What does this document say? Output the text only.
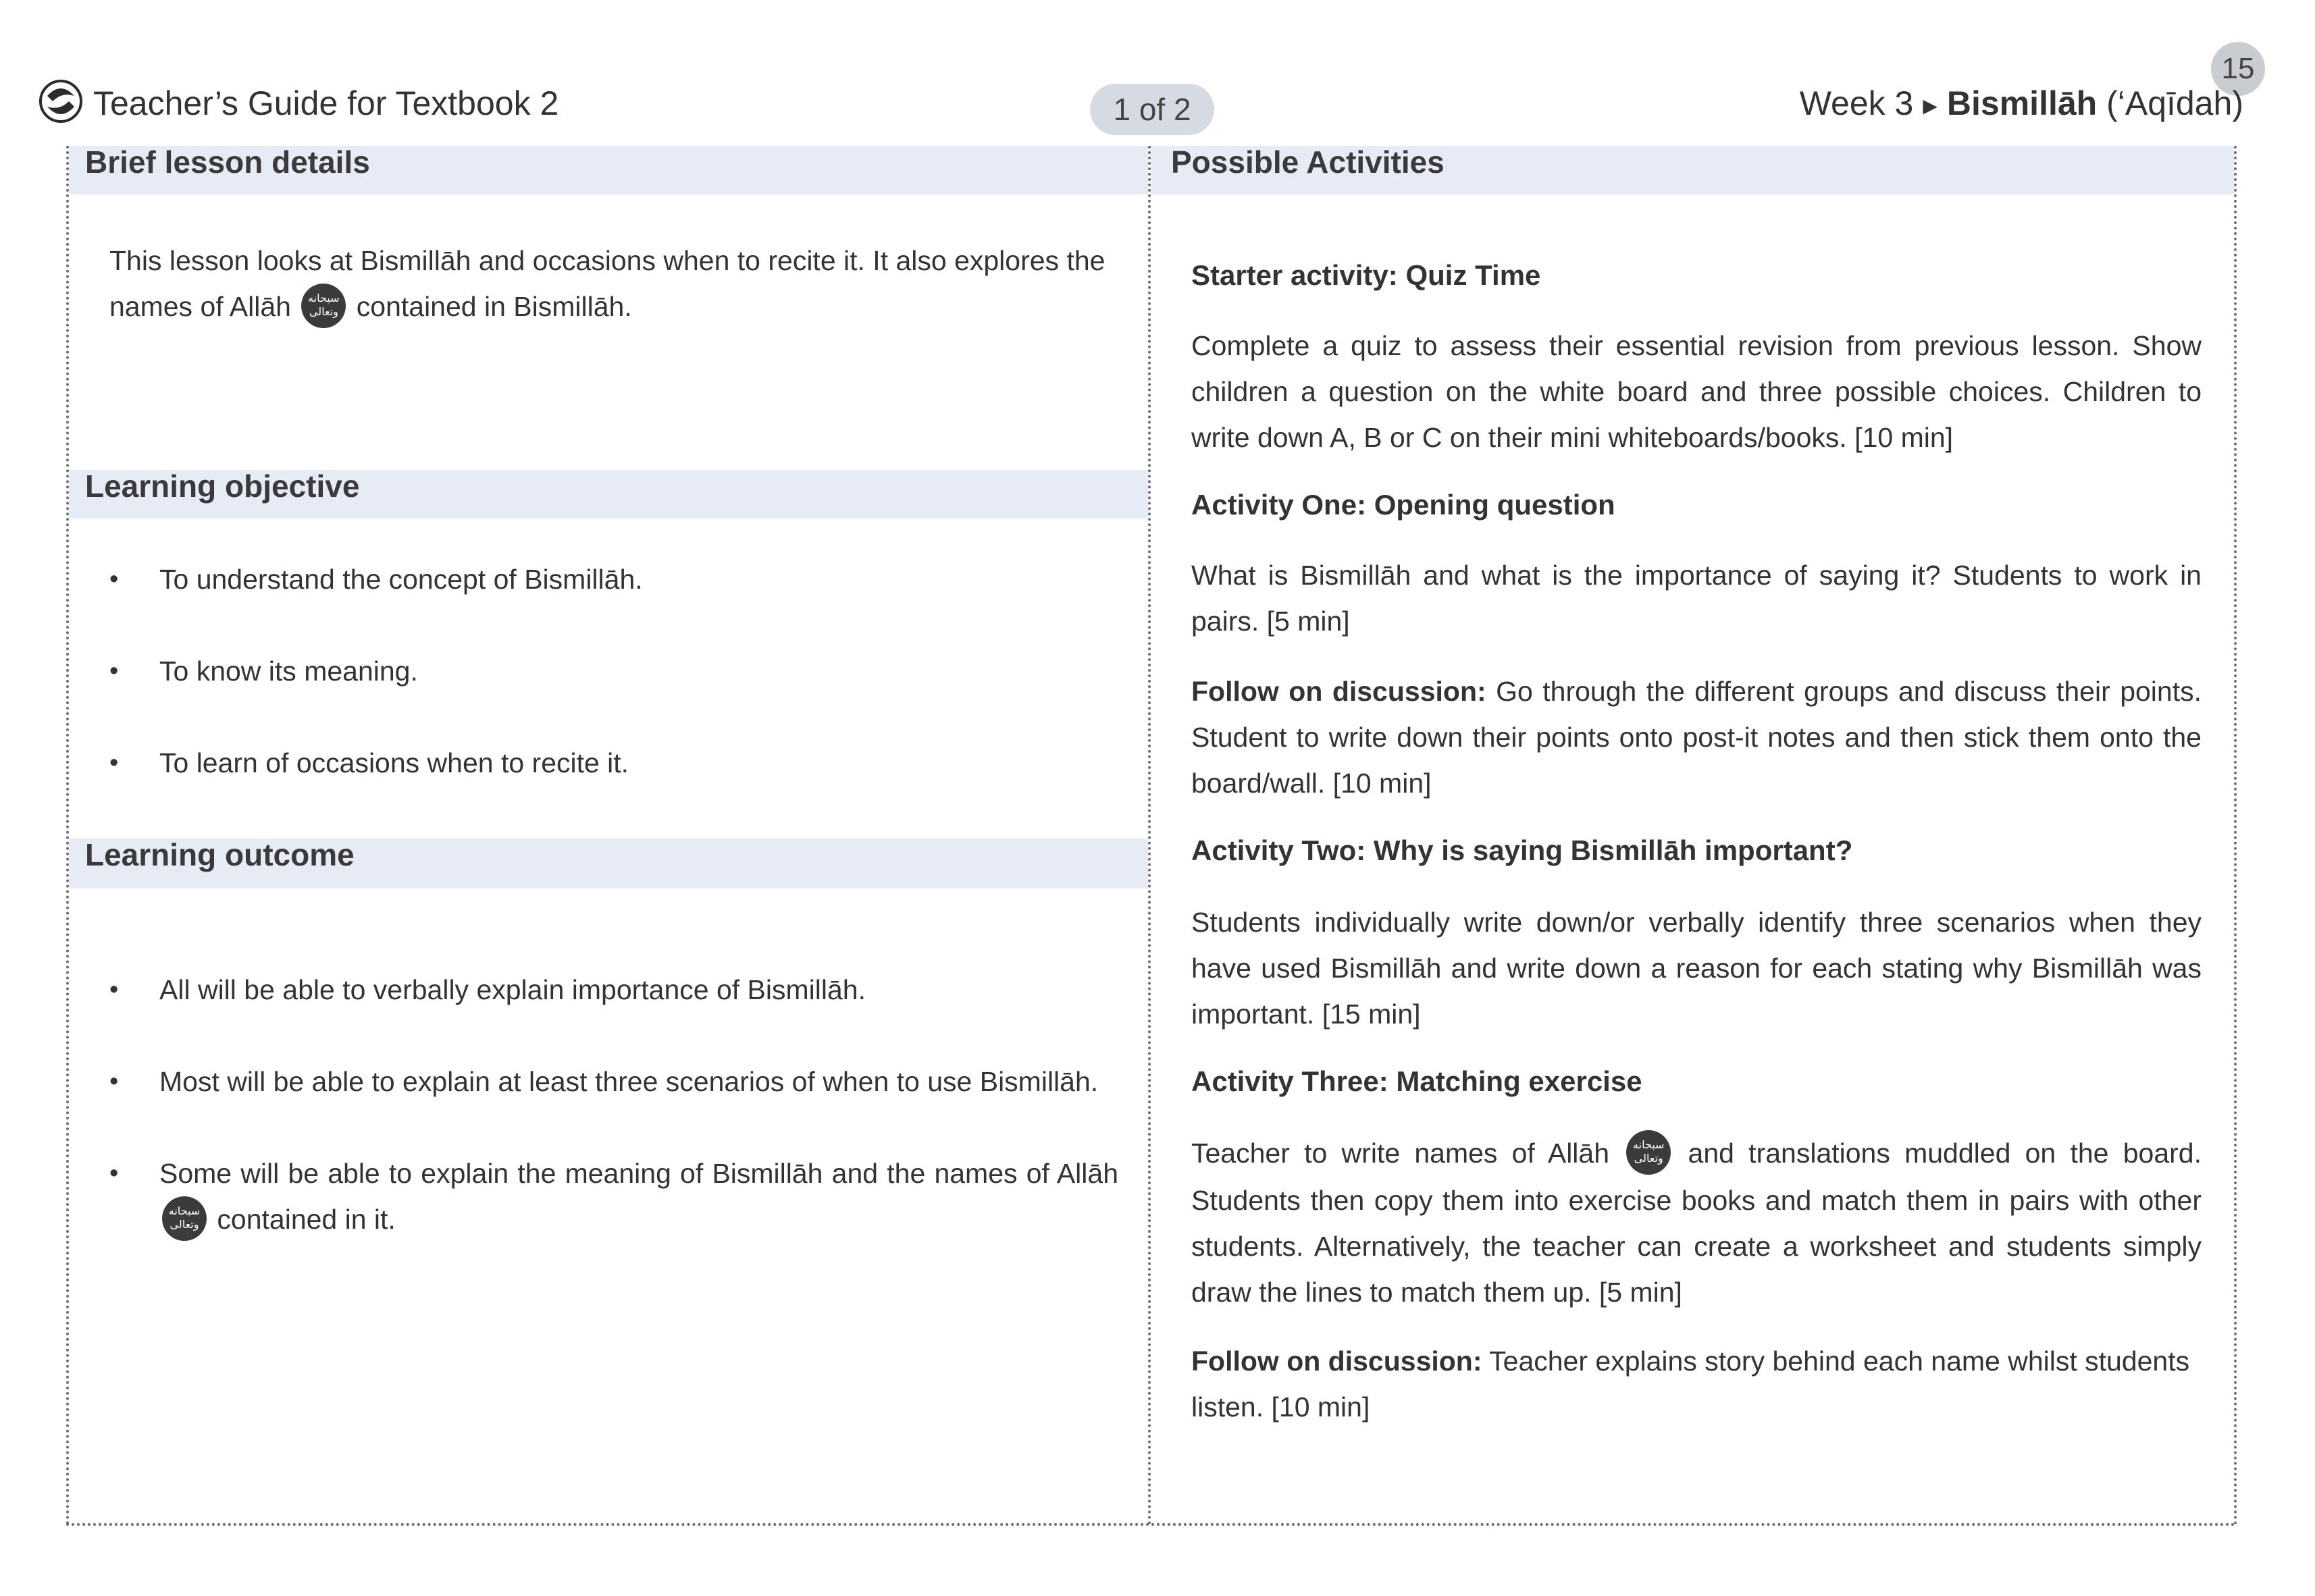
Teacher’s Guide for Textbook 2	1 of 2
15
Week 3 ▶ Bismillāh (‘Aqīdah)
Brief lesson details
This lesson looks at Bismillāh and occasions when to recite it. It also explores the names of Allāh سبحانه وتعالى contained in Bismillāh.
Learning objective
•	To understand the concept of Bismillāh.
•	To know its meaning.
•	To learn of occasions when to recite it.
Learning outcome
•	All will be able to verbally explain importance of Bismillāh.
•	Most will be able to explain at least three scenarios of when to use Bismillāh.
•	Some will be able to explain the meaning of Bismillāh and the names of Allāh سبحانه وتعالى contained in it.
Possible Activities
Starter activity: Quiz Time
Complete a quiz to assess their essential revision from previous lesson. Show children a question on the white board and three possible choices. Children to write down A, B or C on their mini whiteboards/books. [10 min]
Activity One: Opening question
What is Bismillāh and what is the importance of saying it? Students to work in pairs. [5 min]
Follow on discussion: Go through the different groups and discuss their points. Student to write down their points onto post-it notes and then stick them onto the board/wall. [10 min]
Activity Two: Why is saying Bismillāh important?
Students individually write down/or verbally identify three scenarios when they have used Bismillāh and write down a reason for each stating why Bismillāh was important. [15 min]
Activity Three: Matching exercise
Teacher to write names of Allāh سبحانه وتعالى and translations muddled on the board. Students then copy them into exercise books and match them in pairs with other students. Alternatively, the teacher can create a worksheet and students simply draw the lines to match them up. [5 min]
Follow on discussion: Teacher explains story behind each name whilst students listen. [10 min]
